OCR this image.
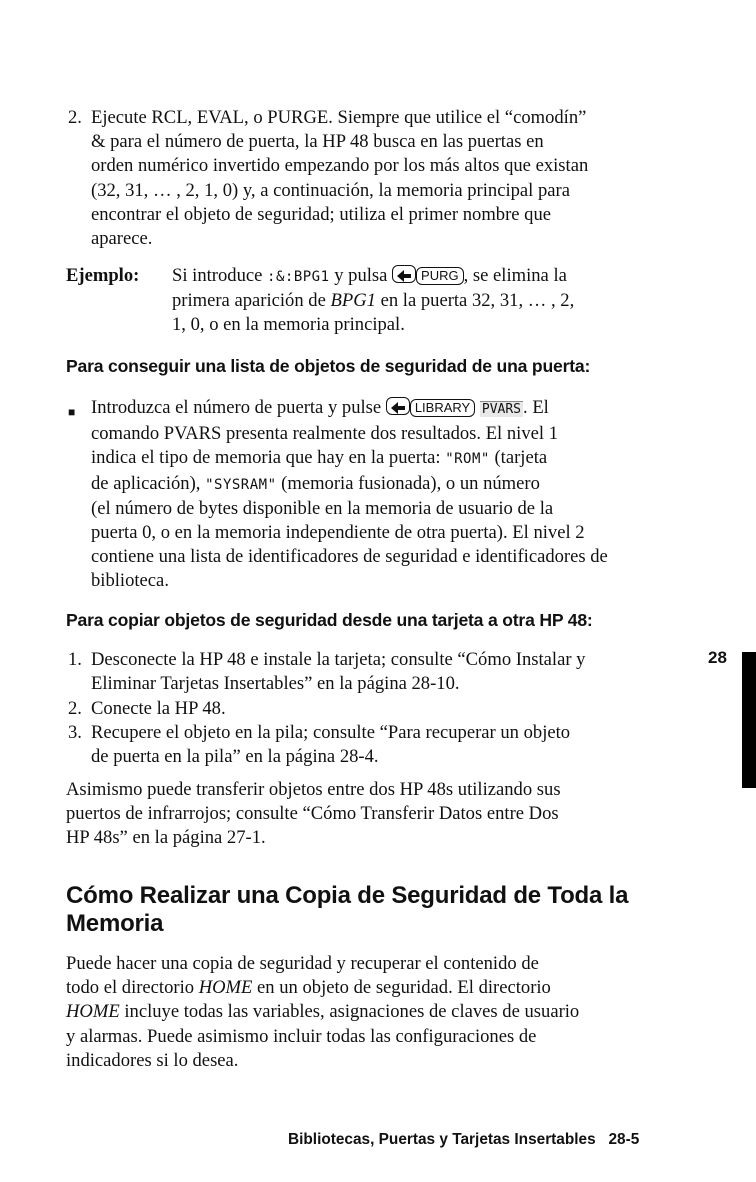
2. Ejecute RCL, EVAL, o PURGE. Siempre que utilice el “comodín”
& para el número de puerta, la HP 48 busca en las puertas en
orden numérico invertido empezando por los más altos que existan
(32, 31, … , 2, 1, 0) y, a continuación, la memoria principal para
encontrar el objeto de seguridad; utiliza el primer nombre que
aparece.
Ejemplo: Si introduce :&:BPG1 y pulsa PURG , se elimina la
primera aparición de BPG1 en la puerta 32, 31, … , 2,
1, 0, o en la memoria principal.
Para conseguir una lista de objetos de seguridad de una puerta:
■ Introduzca el número de puerta y pulse LIBRARY PVARS . El
comando PVARS presenta realmente dos resultados. El nivel 1
indica el tipo de memoria que hay en la puerta: "ROM" (tarjeta
de aplicación), "SYSRAM" (memoria fusionada), o un número
(el número de bytes disponible en la memoria de usuario de la
puerta 0, o en la memoria independiente de otra puerta). El nivel 2
contiene una lista de identificadores de seguridad e identificadores de
biblioteca.
Para copiar objetos de seguridad desde una tarjeta a otra HP 48:
1. Desconecte la HP 48 e instale la tarjeta; consulte “Cómo Instalar y
Eliminar Tarjetas Insertables” en la página 28-10.
2. Conecte la HP 48.
3. Recupere el objeto en la pila; consulte “Para recuperar un objeto
de puerta en la pila” en la página 28-4.
Asimismo puede transferir objetos entre dos HP 48s utilizando sus
puertos de infrarrojos; consulte “Cómo Transferir Datos entre Dos
HP 48s” en la página 27-1.
Cómo Realizar una Copia de Seguridad de Toda la
Memoria
Puede hacer una copia de seguridad y recuperar el contenido de
todo el directorio HOME en un objeto de seguridad. El directorio
HOME incluye todas las variables, asignaciones de claves de usuario
y alarmas. Puede asimismo incluir todas las configuraciones de
indicadores si lo desea.
28
Bibliotecas, Puertas y Tarjetas Insertables   28-5
